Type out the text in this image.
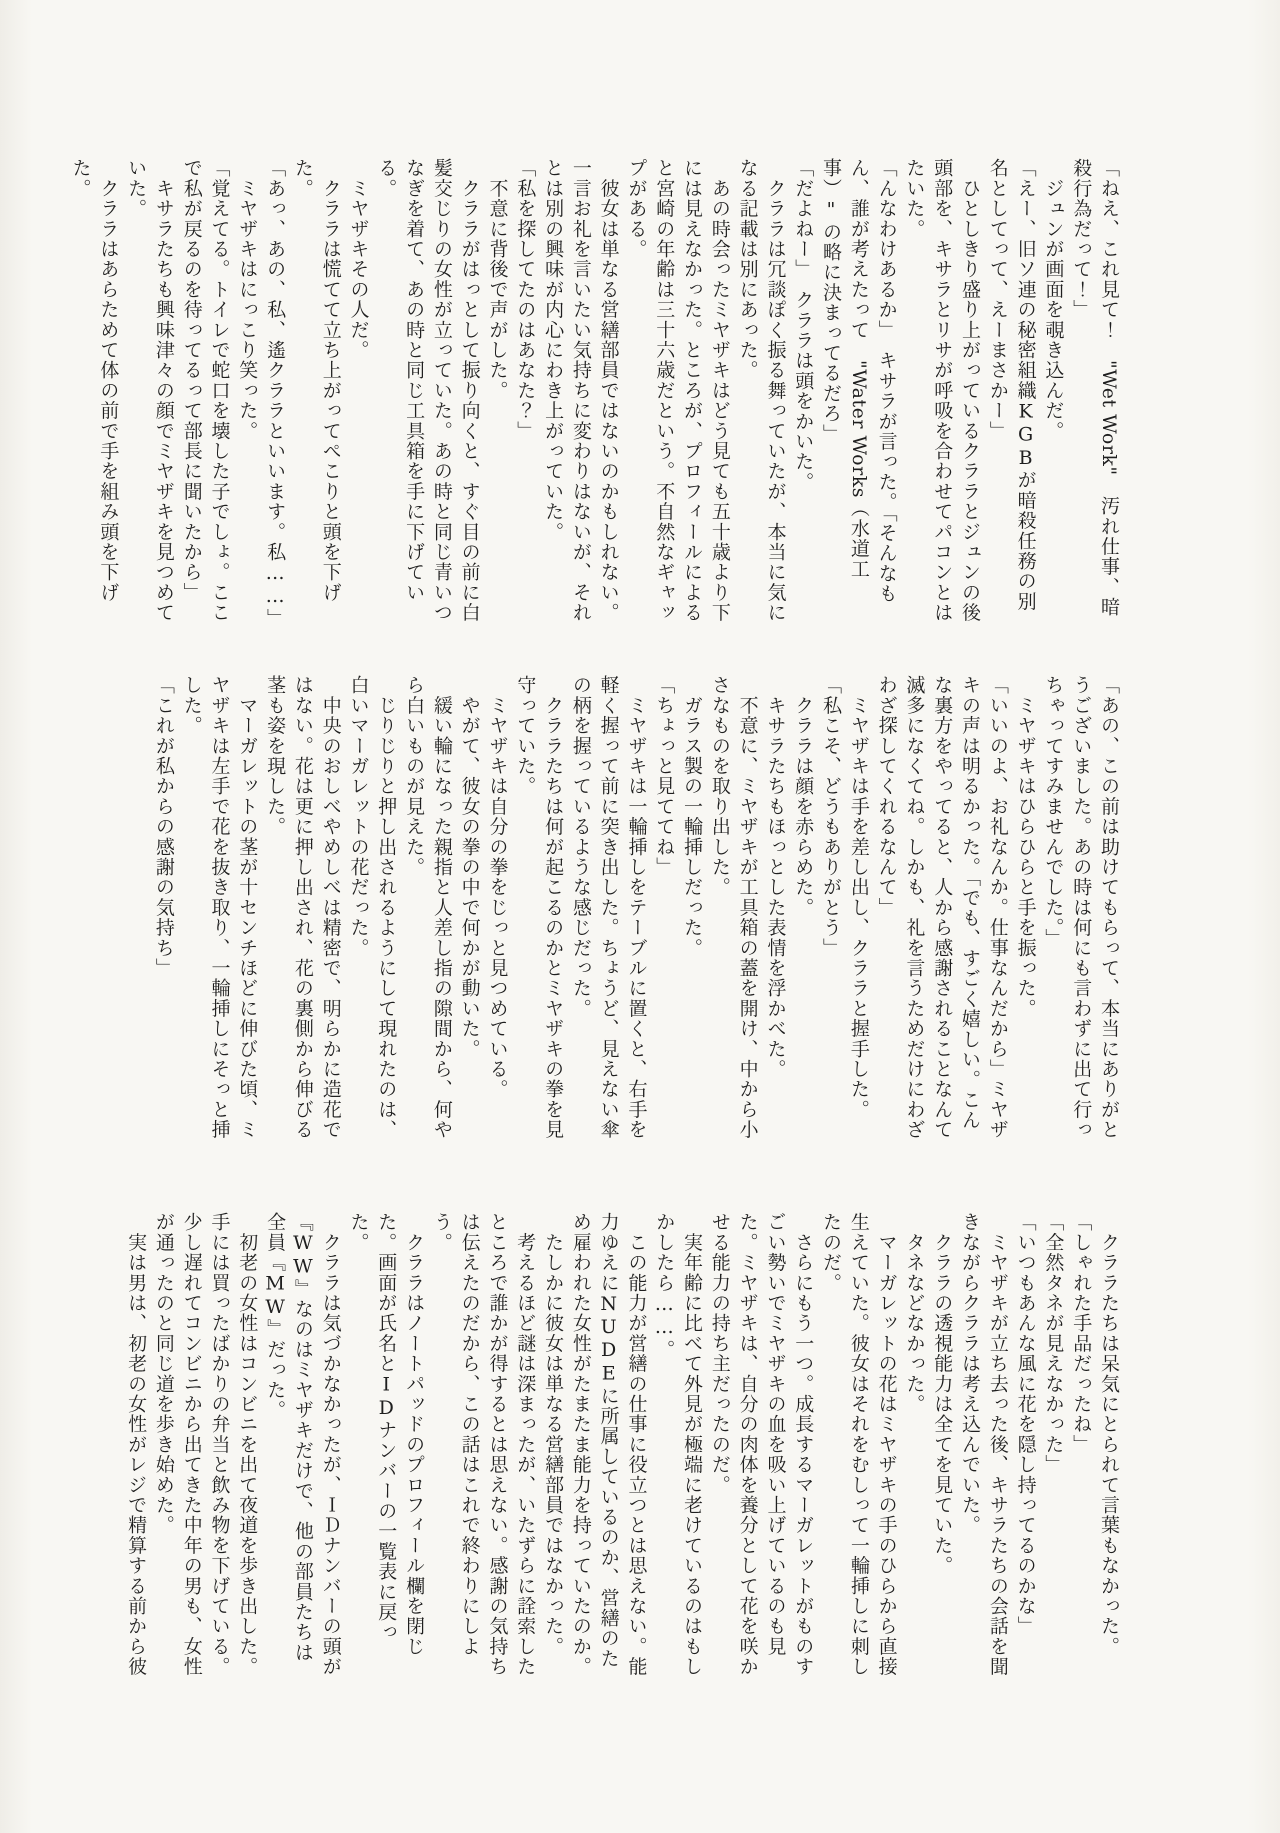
「ねえ、これ見て！　"Wet Work"　汚れ仕事、暗殺行為だって！」

　ジュンが画面を覗き込んだ。

「えー、旧ソ連の秘密組織KGBが暗殺任務の別名としてって、えーまさかー」

　ひとしきり盛り上がっているクララとジュンの後頭部を、キサラとリサが呼吸を合わせてパコンとはたいた。

「んなわけあるか」　キサラが言った。「そんなもん、誰が考えたって　"Water Works（水道工事）"の略に決まってるだろ」

「だよねー」　クララは頭をかいた。

　クララは冗談ぽく振る舞っていたが、本当に気になる記載は別にあった。

　あの時会ったミヤザキはどう見ても五十歳より下には見えなかった。ところが、プロフィールによると宮崎の年齢は三十六歳だという。不自然なギャップがある。

　彼女は単なる営繕部員ではないのかもしれない。一言お礼を言いたい気持ちに変わりはないが、それとは別の興味が内心にわき上がっていた。

「私を探してたのはあなた？」

　不意に背後で声がした。

　クララがはっとして振り向くと、すぐ目の前に白髪交じりの女性が立っていた。あの時と同じ青いつなぎを着て、あの時と同じ工具箱を手に下げている。

　ミヤザキその人だ。

　クララは慌てて立ち上がってぺこりと頭を下げた。

「あっ、あの、私、遙クララといいます。私……」

　ミヤザキはにっこり笑った。

「覚えてる。トイレで蛇口を壊した子でしょ。ここで私が戻るのを待ってるって部長に聞いたから」

　キサラたちも興味津々の顔でミヤザキを見つめていた。

　クララはあらためて体の前で手を組み頭を下げた。

「あの、この前は助けてもらって、本当にありがとうございました。あの時は何にも言わずに出て行っちゃってすみませんでした。」

　ミヤザキはひらひらと手を振った。

「いいのよ、お礼なんか。仕事なんだから」ミヤザキの声は明るかった。「でも、すごく嬉しい。こんな裏方をやってると、人から感謝されることなんて滅多になくてね。しかも、礼を言うためだけにわざわざ探してくれるなんて」

　ミヤザキは手を差し出し、クララと握手した。

「私こそ、どうもありがとう」

　クララは顔を赤らめた。

　キサラたちもほっとした表情を浮かべた。

　不意に、ミヤザキが工具箱の蓋を開け、中から小さなものを取り出した。

　ガラス製の一輪挿しだった。

「ちょっと見ててね」

　ミヤザキは一輪挿しをテーブルに置くと、右手を軽く握って前に突き出した。ちょうど、見えない傘の柄を握っているような感じだった。

　クララたちは何が起こるのかとミヤザキの拳を見守っていた。

　ミヤザキは自分の拳をじっと見つめている。

　やがて、彼女の拳の中で何かが動いた。

　緩い輪になった親指と人差し指の隙間から、何やら白いものが見えた。

　じりじりと押し出されるようにして現れたのは、白いマーガレットの花だった。

　中央のおしべやめしべは精密で、明らかに造花ではない。花は更に押し出され、花の裏側から伸びる茎も姿を現した。

　マーガレットの茎が十センチほどに伸びた頃、ミヤザキは左手で花を抜き取り、一輪挿しにそっと挿した。

「これが私からの感謝の気持ち」

　クララたちは呆気にとられて言葉もなかった。

「しゃれた手品だったね」

「全然タネが見えなかった」

「いつもあんな風に花を隠し持ってるのかな」

　ミヤザキが立ち去った後、キサラたちの会話を聞きながらクララは考え込んでいた。

　クララの透視能力は全てを見ていた。

　タネなどなかった。

　マーガレットの花はミヤザキの手のひらから直接生えていた。彼女はそれをむしって一輪挿しに刺したのだ。

　さらにもう一つ。成長するマーガレットがものすごい勢いでミヤザキの血を吸い上げているのも見た。ミヤザキは、自分の肉体を養分として花を咲かせる能力の持ち主だったのだ。

　実年齢に比べて外見が極端に老けているのはもしかしたら……。

　この能力が営繕の仕事に役立つとは思えない。能力ゆえにNUDEに所属しているのか、営繕のため雇われた女性がたまたま能力を持っていたのか。

　たしかに彼女は単なる営繕部員ではなかった。

　考えるほど謎は深まったが、いたずらに詮索したところで誰かが得するとは思えない。感謝の気持ちは伝えたのだから、この話はこれで終わりにしよう。

　クララはノートパッドのプロフィール欄を閉じた。画面が氏名とIDナンバーの一覧表に戻った。

　クララは気づかなかったが、ＩＤナンバーの頭が『WW』なのはミヤザキだけで、他の部員たちは全員『MW』だった。

　初老の女性はコンビニを出て夜道を歩き出した。手には買ったばかりの弁当と飲み物を下げている。少し遅れてコンビニから出てきた中年の男も、女性が通ったのと同じ道を歩き始めた。

　実は男は、初老の女性がレジで精算する前から彼
